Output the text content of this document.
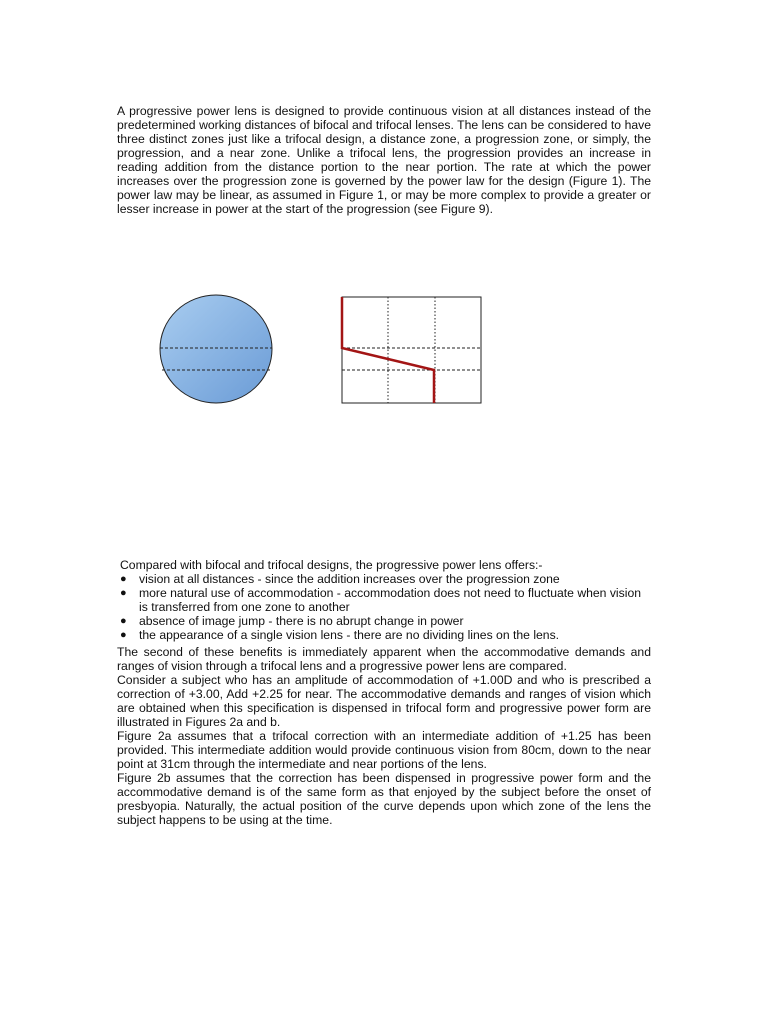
A progressive power lens is designed to provide continuous vision at all distances instead of the predetermined working distances of bifocal and trifocal lenses. The lens can be considered to have three distinct zones just like a trifocal design, a distance zone, a progression zone, or simply, the progression, and a near zone. Unlike a trifocal lens, the progression provides an increase in reading addition from the distance portion to the near portion. The rate at which the power increases over the progression zone is governed by the power law for the design (Figure 1). The power law may be linear, as assumed in Figure 1, or may be more complex to provide a greater or lesser increase in power at the start of the progression (see Figure 9).

Compared with bifocal and trifocal designs, the progressive power lens offers:-

● vision at all distances - since the addition increases over the progression zone
● more natural use of accommodation - accommodation does not need to fluctuate when vision is transferred from one zone to another
● absence of image jump - there is no abrupt change in power
● the appearance of a single vision lens - there are no dividing lines on the lens.

The second of these benefits is immediately apparent when the accommodative demands and ranges of vision through a trifocal lens and a progressive power lens are compared.

Consider a subject who has an amplitude of accommodation of +1.00D and who is prescribed a correction of +3.00, Add +2.25 for near. The accommodative demands and ranges of vision which are obtained when this specification is dispensed in trifocal form and progressive power form are illustrated in Figures 2a and b.

Figure 2a assumes that a trifocal correction with an intermediate addition of +1.25 has been provided. This intermediate addition would provide continuous vision from 80cm, down to the near point at 31cm through the intermediate and near portions of the lens.

Figure 2b assumes that the correction has been dispensed in progressive power form and the accommodative demand is of the same form as that enjoyed by the subject before the onset of presbyopia. Naturally, the actual position of the curve depends upon which zone of the lens the subject happens to be using at the time.
